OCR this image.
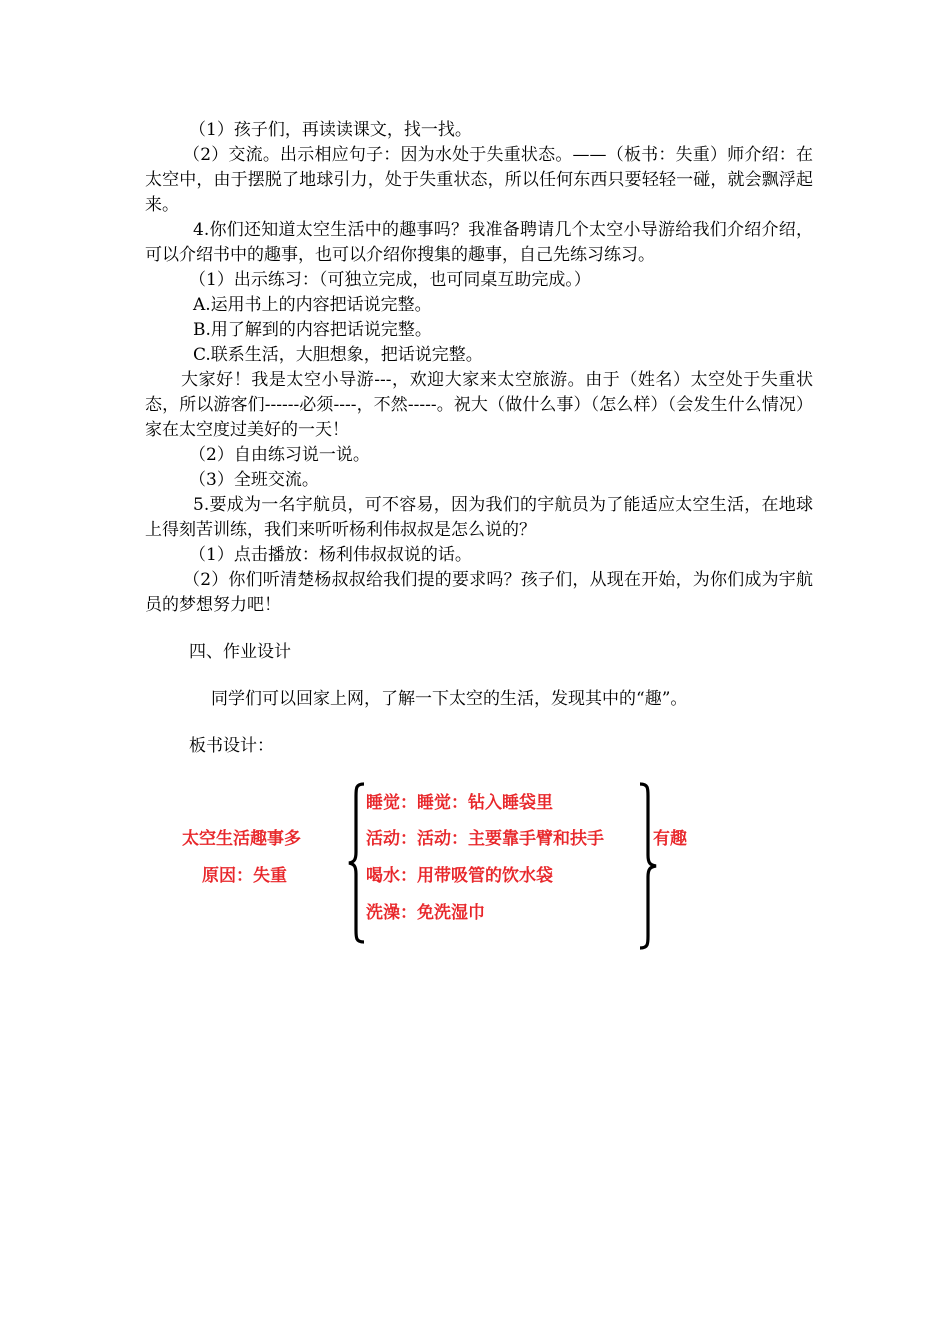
（1）孩子们，再读读课文，找一找。

（2）交流。出示相应句子：因为水处于失重状态。——（板书：失重）师介绍：在太空中，由于摆脱了地球引力，处于失重状态，所以任何东西只要轻轻一碰，就会飘浮起来。

4.你们还知道太空生活中的趣事吗？我准备聘请几个太空小导游给我们介绍介绍，可以介绍书中的趣事，也可以介绍你搜集的趣事，自己先练习练习。

（1）出示练习：（可独立完成，也可同桌互助完成。）

A.运用书上的内容把话说完整。

B.用了解到的内容把话说完整。

C.联系生活，大胆想象，把话说完整。

大家好！我是太空小导游---，欢迎大家来太空旅游。由于（姓名）太空处于失重状态，所以游客们------必须----，不然-----。祝大（做什么事）（怎么样）（会发生什么情况） 家在太空度过美好的一天！

（2）自由练习说一说。

（3）全班交流。

5.要成为一名宇航员，可不容易，因为我们的宇航员为了能适应太空生活，在地球上得刻苦训练，我们来听听杨利伟叔叔是怎么说的？

（1）点击播放：杨利伟叔叔说的话。

（2）你们听清楚杨叔叔给我们提的要求吗？孩子们，从现在开始，为你们成为宇航员的梦想努力吧！

四、作业设计

同学们可以回家上网，了解一下太空的生活，发现其中的“趣”。

板书设计：

太空生活趣事多
原因：失重
睡觉：睡觉：钻入睡袋里
活动：活动：主要靠手臂和扶手
喝水：用带吸管的饮水袋
洗澡：免洗湿巾
有趣
